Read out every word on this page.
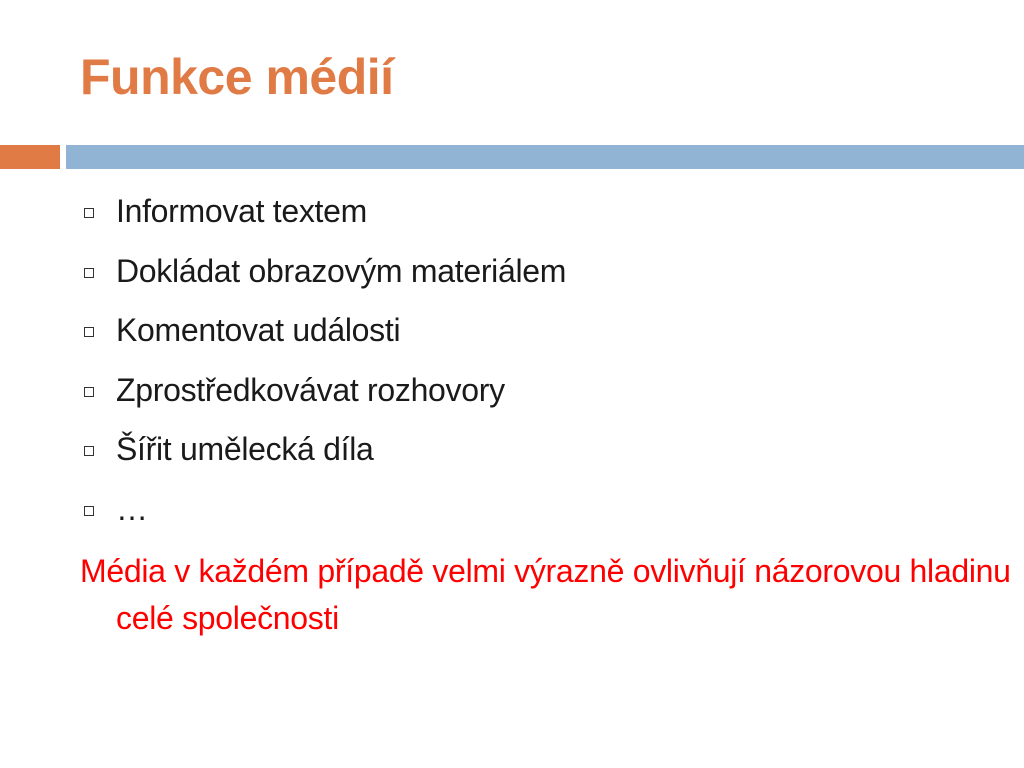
Funkce médií
Informovat textem
Dokládat obrazovým materiálem
Komentovat události
Zprostředkovávat rozhovory
Šířit umělecká díla
…

Média v každém případě velmi výrazně ovlivňují názorovou hladinu celé společnosti
